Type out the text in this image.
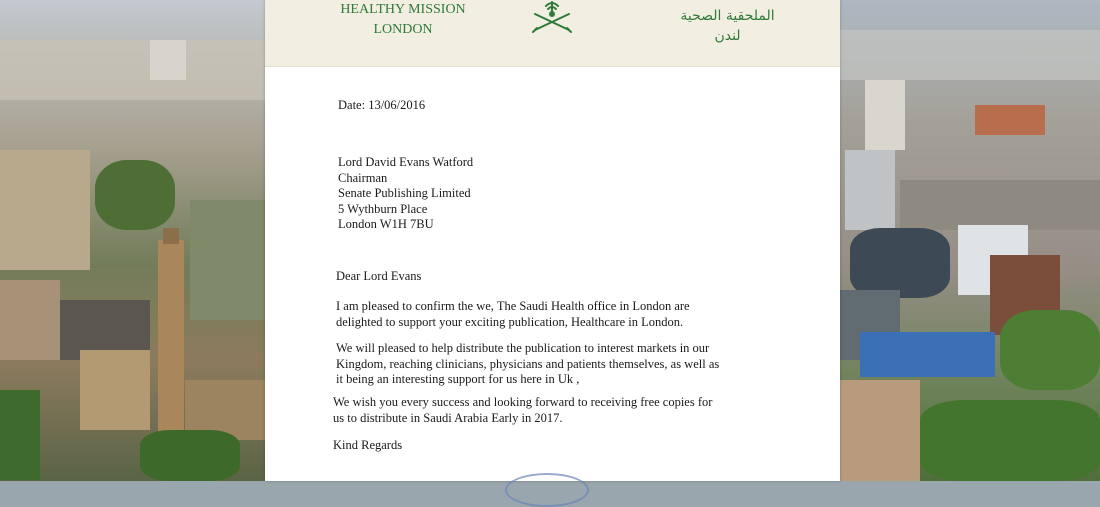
HEALTHY MISSION
LONDON
الملحقية الصحية
لندن
Date: 13/06/2016
Lord David Evans Watford
Chairman
Senate Publishing Limited
5 Wythburn Place
London W1H 7BU
Dear Lord Evans
I am pleased to confirm the we, The Saudi Health office in London are
delighted to support your exciting publication, Healthcare in London.
We will pleased to help distribute the publication to interest markets in our
Kingdom, reaching clinicians, physicians and patients themselves, as well as
it being an interesting support for us here in Uk ,
We wish you every success and looking forward to receiving free copies for
us to distribute in Saudi Arabia Early in 2017.
Kind Regards
